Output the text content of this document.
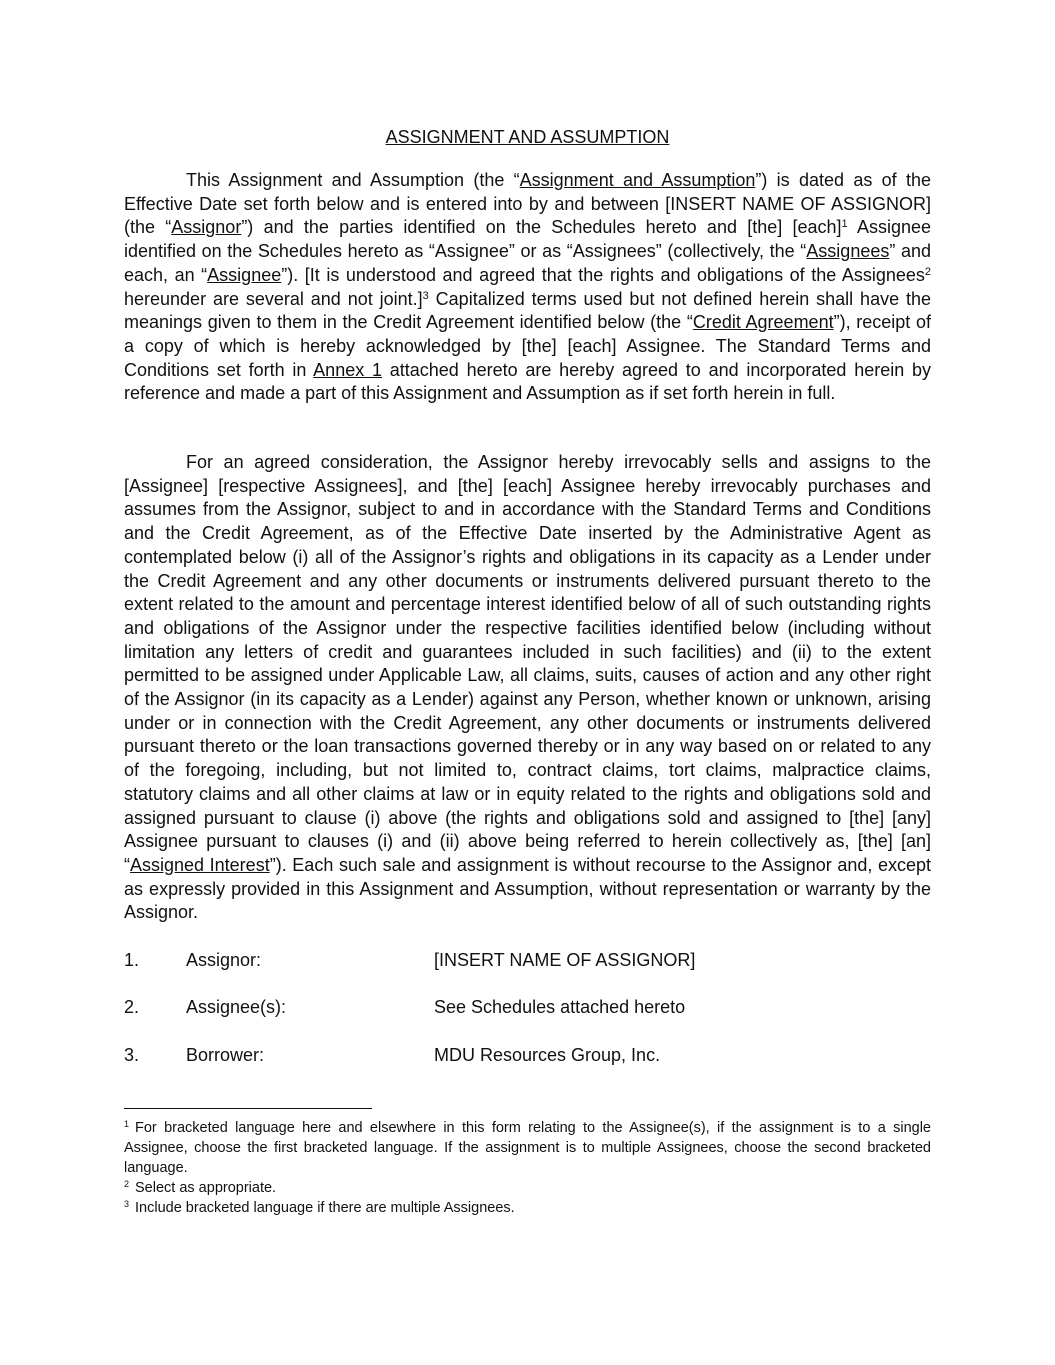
ASSIGNMENT AND ASSUMPTION

This Assignment and Assumption (the “Assignment and Assumption”) is dated as of the Effective Date set forth below and is entered into by and between [INSERT NAME OF ASSIGNOR] (the “Assignor”) and the parties identified on the Schedules hereto and [the] [each]$^1$ Assignee identified on the Schedules hereto as “Assignee” or as “Assignees” (collectively, the “Assignees” and each, an “Assignee”). [It is understood and agreed that the rights and obligations of the Assignees$^2$ hereunder are several and not joint.]$^3$ Capitalized terms used but not defined herein shall have the meanings given to them in the Credit Agreement identified below (the “Credit Agreement”), receipt of a copy of which is hereby acknowledged by [the] [each] Assignee. The Standard Terms and Conditions set forth in Annex 1 attached hereto are hereby agreed to and incorporated herein by reference and made a part of this Assignment and Assumption as if set forth herein in full.

For an agreed consideration, the Assignor hereby irrevocably sells and assigns to the [Assignee] [respective Assignees], and [the] [each] Assignee hereby irrevocably purchases and assumes from the Assignor, subject to and in accordance with the Standard Terms and Conditions and the Credit Agreement, as of the Effective Date inserted by the Administrative Agent as contemplated below (i) all of the Assignor’s rights and obligations in its capacity as a Lender under the Credit Agreement and any other documents or instruments delivered pursuant thereto to the extent related to the amount and percentage interest identified below of all of such outstanding rights and obligations of the Assignor under the respective facilities identified below (including without limitation any letters of credit and guarantees included in such facilities) and (ii) to the extent permitted to be assigned under Applicable Law, all claims, suits, causes of action and any other right of the Assignor (in its capacity as a Lender) against any Person, whether known or unknown, arising under or in connection with the Credit Agreement, any other documents or instruments delivered pursuant thereto or the loan transactions governed thereby or in any way based on or related to any of the foregoing, including, but not limited to, contract claims, tort claims, malpractice claims, statutory claims and all other claims at law or in equity related to the rights and obligations sold and assigned pursuant to clause (i) above (the rights and obligations sold and assigned to [the] [any] Assignee pursuant to clauses (i) and (ii) above being referred to herein collectively as, [the] [an] “Assigned Interest”). Each such sale and assignment is without recourse to the Assignor and, except as expressly provided in this Assignment and Assumption, without representation or warranty by the Assignor.

1.	Assignor:	[INSERT NAME OF ASSIGNOR]
2.	Assignee(s):	See Schedules attached hereto
3.	Borrower:	MDU Resources Group, Inc.

$^1$ For bracketed language here and elsewhere in this form relating to the Assignee(s), if the assignment is to a single Assignee, choose the first bracketed language. If the assignment is to multiple Assignees, choose the second bracketed language.

$^2$ Select as appropriate.

$^3$ Include bracketed language if there are multiple Assignees.
